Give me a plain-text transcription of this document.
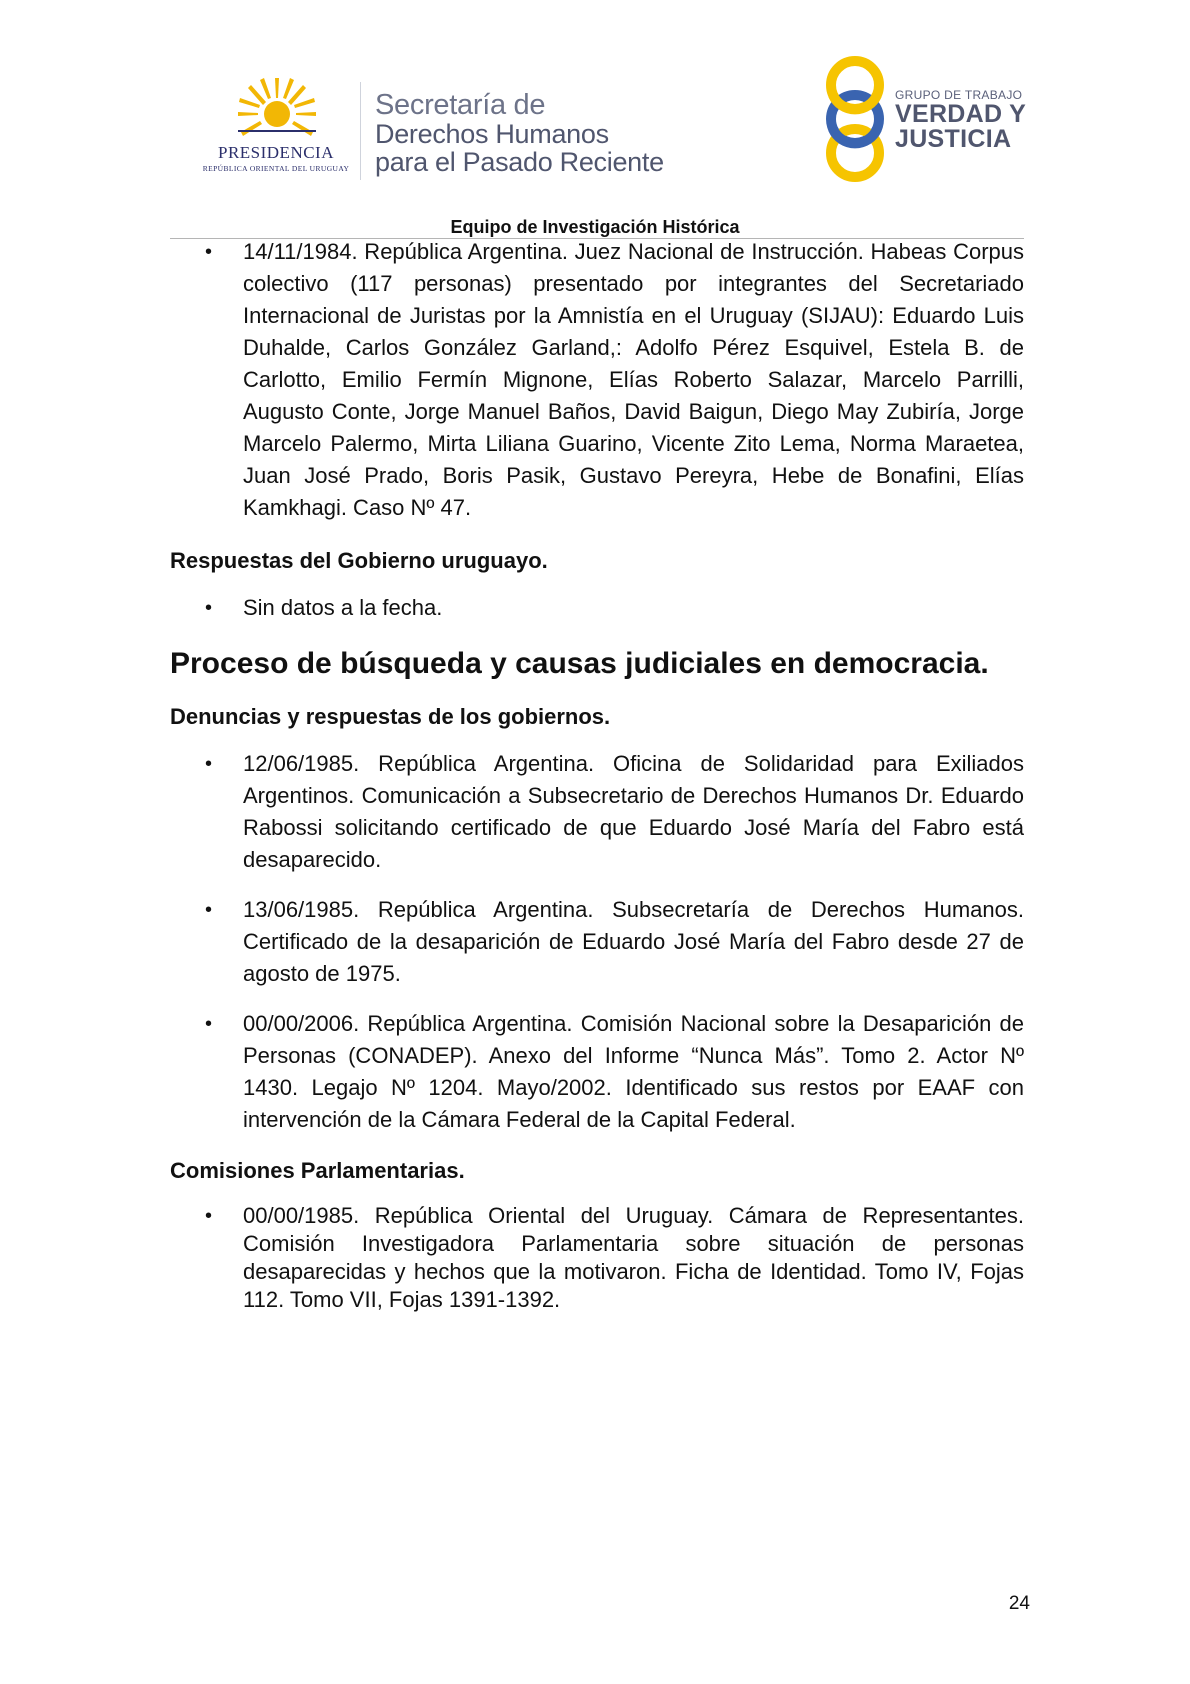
PRESIDENCIA
REPÚBLICA ORIENTAL DEL URUGUAY
Secretaría de
Derechos Humanos
para el Pasado Reciente
GRUPO DE TRABAJO
VERDAD Y
JUSTICIA
Equipo de Investigación Histórica
• 14/11/1984. República Argentina. Juez Nacional de Instrucción. Habeas Corpus colectivo (117 personas) presentado por integrantes del Secretariado Internacional de Juristas por la Amnistía en el Uruguay (SIJAU): Eduardo Luis Duhalde, Carlos González Garland,: Adolfo Pérez Esquivel, Estela B. de Carlotto, Emilio Fermín Mignone, Elías Roberto Salazar, Marcelo Parrilli, Augusto Conte, Jorge Manuel Baños, David Baigun, Diego May Zubiría, Jorge Marcelo Palermo, Mirta Liliana Guarino, Vicente Zito Lema, Norma Maraetea, Juan José Prado, Boris Pasik, Gustavo Pereyra, Hebe de Bonafini, Elías Kamkhagi. Caso Nº 47.
Respuestas del Gobierno uruguayo.
• Sin datos a la fecha.
Proceso de búsqueda y causas judiciales en democracia.
Denuncias y respuestas de los gobiernos.
• 12/06/1985. República Argentina. Oficina de Solidaridad para Exiliados Argentinos. Comunicación a Subsecretario de Derechos Humanos Dr. Eduardo Rabossi solicitando certificado de que Eduardo José María del Fabro está desaparecido.
• 13/06/1985. República Argentina. Subsecretaría de Derechos Humanos. Certificado de la desaparición de Eduardo José María del Fabro desde 27 de agosto de 1975.
• 00/00/2006. República Argentina. Comisión Nacional sobre la Desaparición de Personas (CONADEP). Anexo del Informe “Nunca Más”. Tomo 2. Actor Nº 1430. Legajo Nº 1204. Mayo/2002. Identificado sus restos por EAAF con intervención de la Cámara Federal de la Capital Federal.
Comisiones Parlamentarias.
• 00/00/1985. República Oriental del Uruguay. Cámara de Representantes. Comisión Investigadora Parlamentaria sobre situación de personas desaparecidas y hechos que la motivaron. Ficha de Identidad. Tomo IV, Fojas 112. Tomo VII, Fojas 1391-1392.
24
